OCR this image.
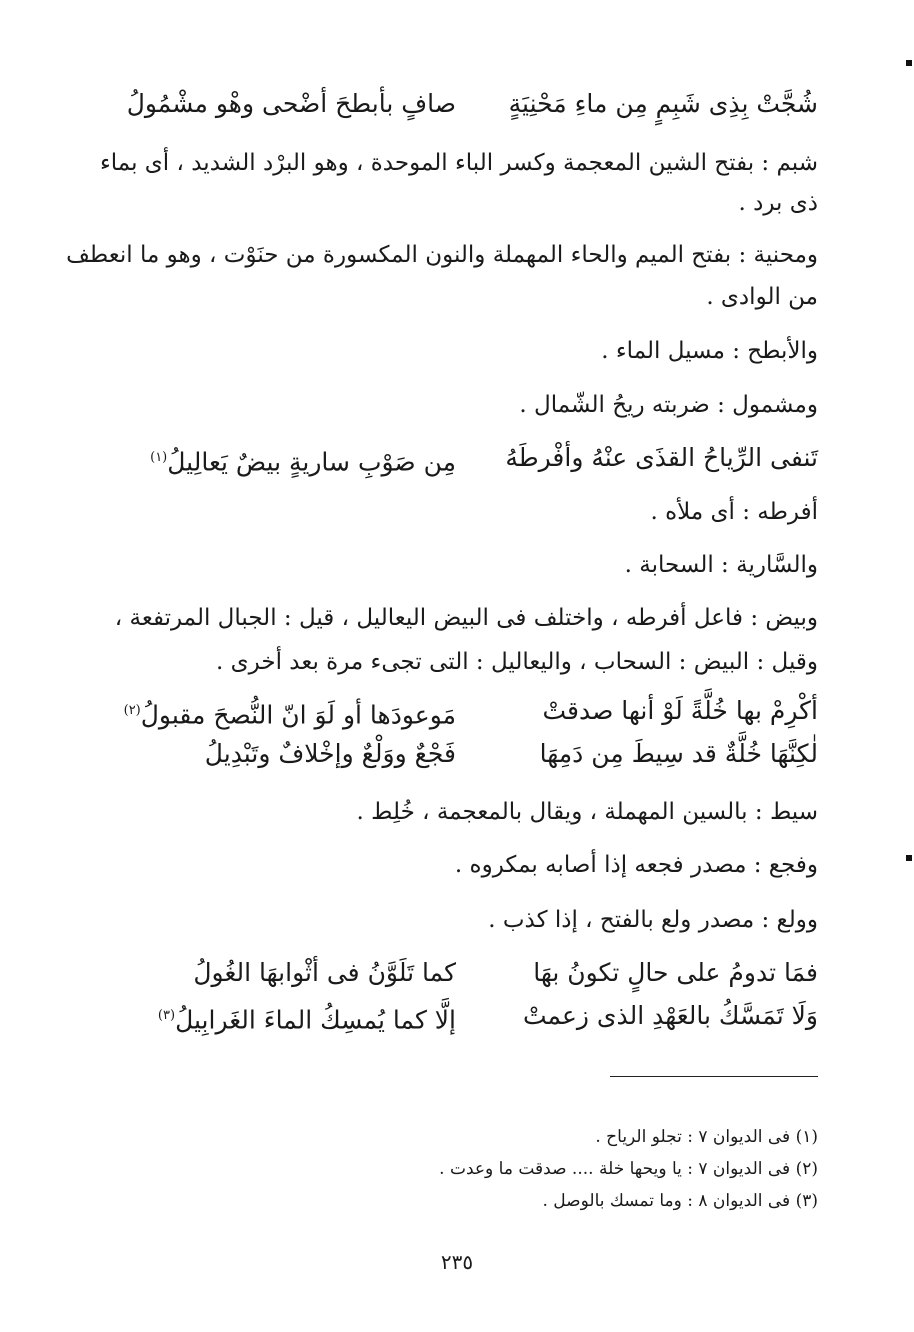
شُجَّتْ بِذِى شَبِمٍ مِن ماءِ مَحْنِيَةٍ
صافٍ بأبطحَ أضْحى وهْو مشْمُولُ
شبم : بفتح الشين المعجمة وكسر الباء الموحدة ، وهو البرْد الشديد ، أى بماء
ذى برد .
ومحنية : بفتح الميم والحاء المهملة والنون المكسورة من حنَوْت ، وهو ما انعطف
من الوادى .
والأبطح : مسيل الماء .
ومشمول : ضربته ريحُ الشّمال .
تَنفى الرِّياحُ القذَى عنْهُ وأفْرطَهُ
مِن صَوْبِ ساريةٍ بيضٌ يَعالِيلُ$^{(١)}$
أفرطه : أى ملأه .
والسَّارية : السحابة .
وبيض : فاعل أفرطه ، واختلف فى البيض اليعاليل ، قيل : الجبال المرتفعة ،
وقيل : البيض : السحاب ، واليعاليل : التى تجىء مرة بعد أخرى .
أكْرِمْ بها خُلَّةً لَوْ أنها صدقتْ
مَوعودَها أو لَوَ انّ النُّصحَ مقبولُ$^{(٢)}$
لٰكِنَّهَا خُلَّةٌ قد سِيطَ مِن دَمِهَا
فَجْعٌ ووَلْعٌ وإخْلافٌ وتَبْدِيلُ
سيط : بالسين المهملة ، ويقال بالمعجمة ، خُلِط .
وفجع : مصدر فجعه إذا أصابه بمكروه .
وولع : مصدر ولع بالفتح ، إذا كذب .
فمَا تدومُ على حالٍ تكونُ بهَا
كما تَلَوَّنُ فى أثْوابهَا الغُولُ
وَلَا تَمَسَّكُ بالعَهْدِ الذى زعمتْ
إلَّا كما يُمسِكُ الماءَ الغَرابِيلُ$^{(٣)}$
(١) فى الديوان ٧ : تجلو الرياح .
(٢) فى الديوان ٧ : يا ويحها خلة .... صدقت ما وعدت .
(٣) فى الديوان ٨ : وما تمسك بالوصل .
٢٣٥
